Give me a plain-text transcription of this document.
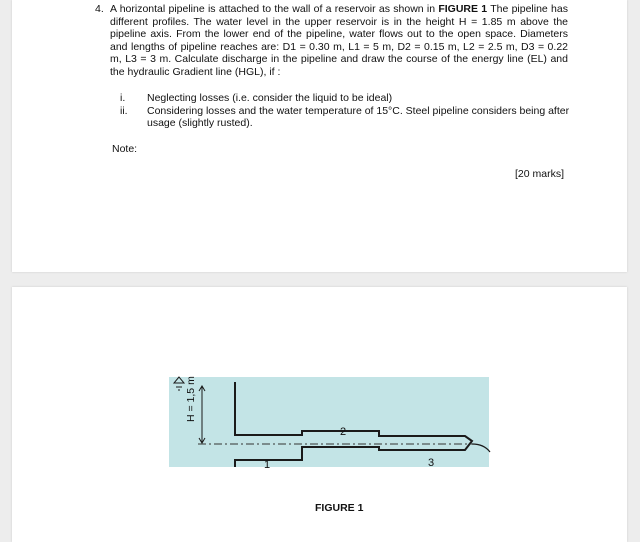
4. A horizontal pipeline is attached to the wall of a reservoir as shown in FIGURE 1 The pipeline has different profiles. The water level in the upper reservoir is in the height H = 1.85 m above the pipeline axis. From the lower end of the pipeline, water flows out to the open space. Diameters and lengths of pipeline reaches are: D1 = 0.30 m, L1 = 5 m, D2 = 0.15 m, L2 = 2.5 m, D3 = 0.22 m, L3 = 3 m. Calculate discharge in the pipeline and draw the course of the energy line (EL) and the hydraulic Gradient line (HGL), if :
i.	Neglecting losses (i.e. consider the liquid to be ideal)
ii.	Considering losses and the water temperature of 15°C. Steel pipeline considers being after usage (slightly rusted).
Note:
[20 marks]
H = 1,5 m
1
2
3
FIGURE 1
